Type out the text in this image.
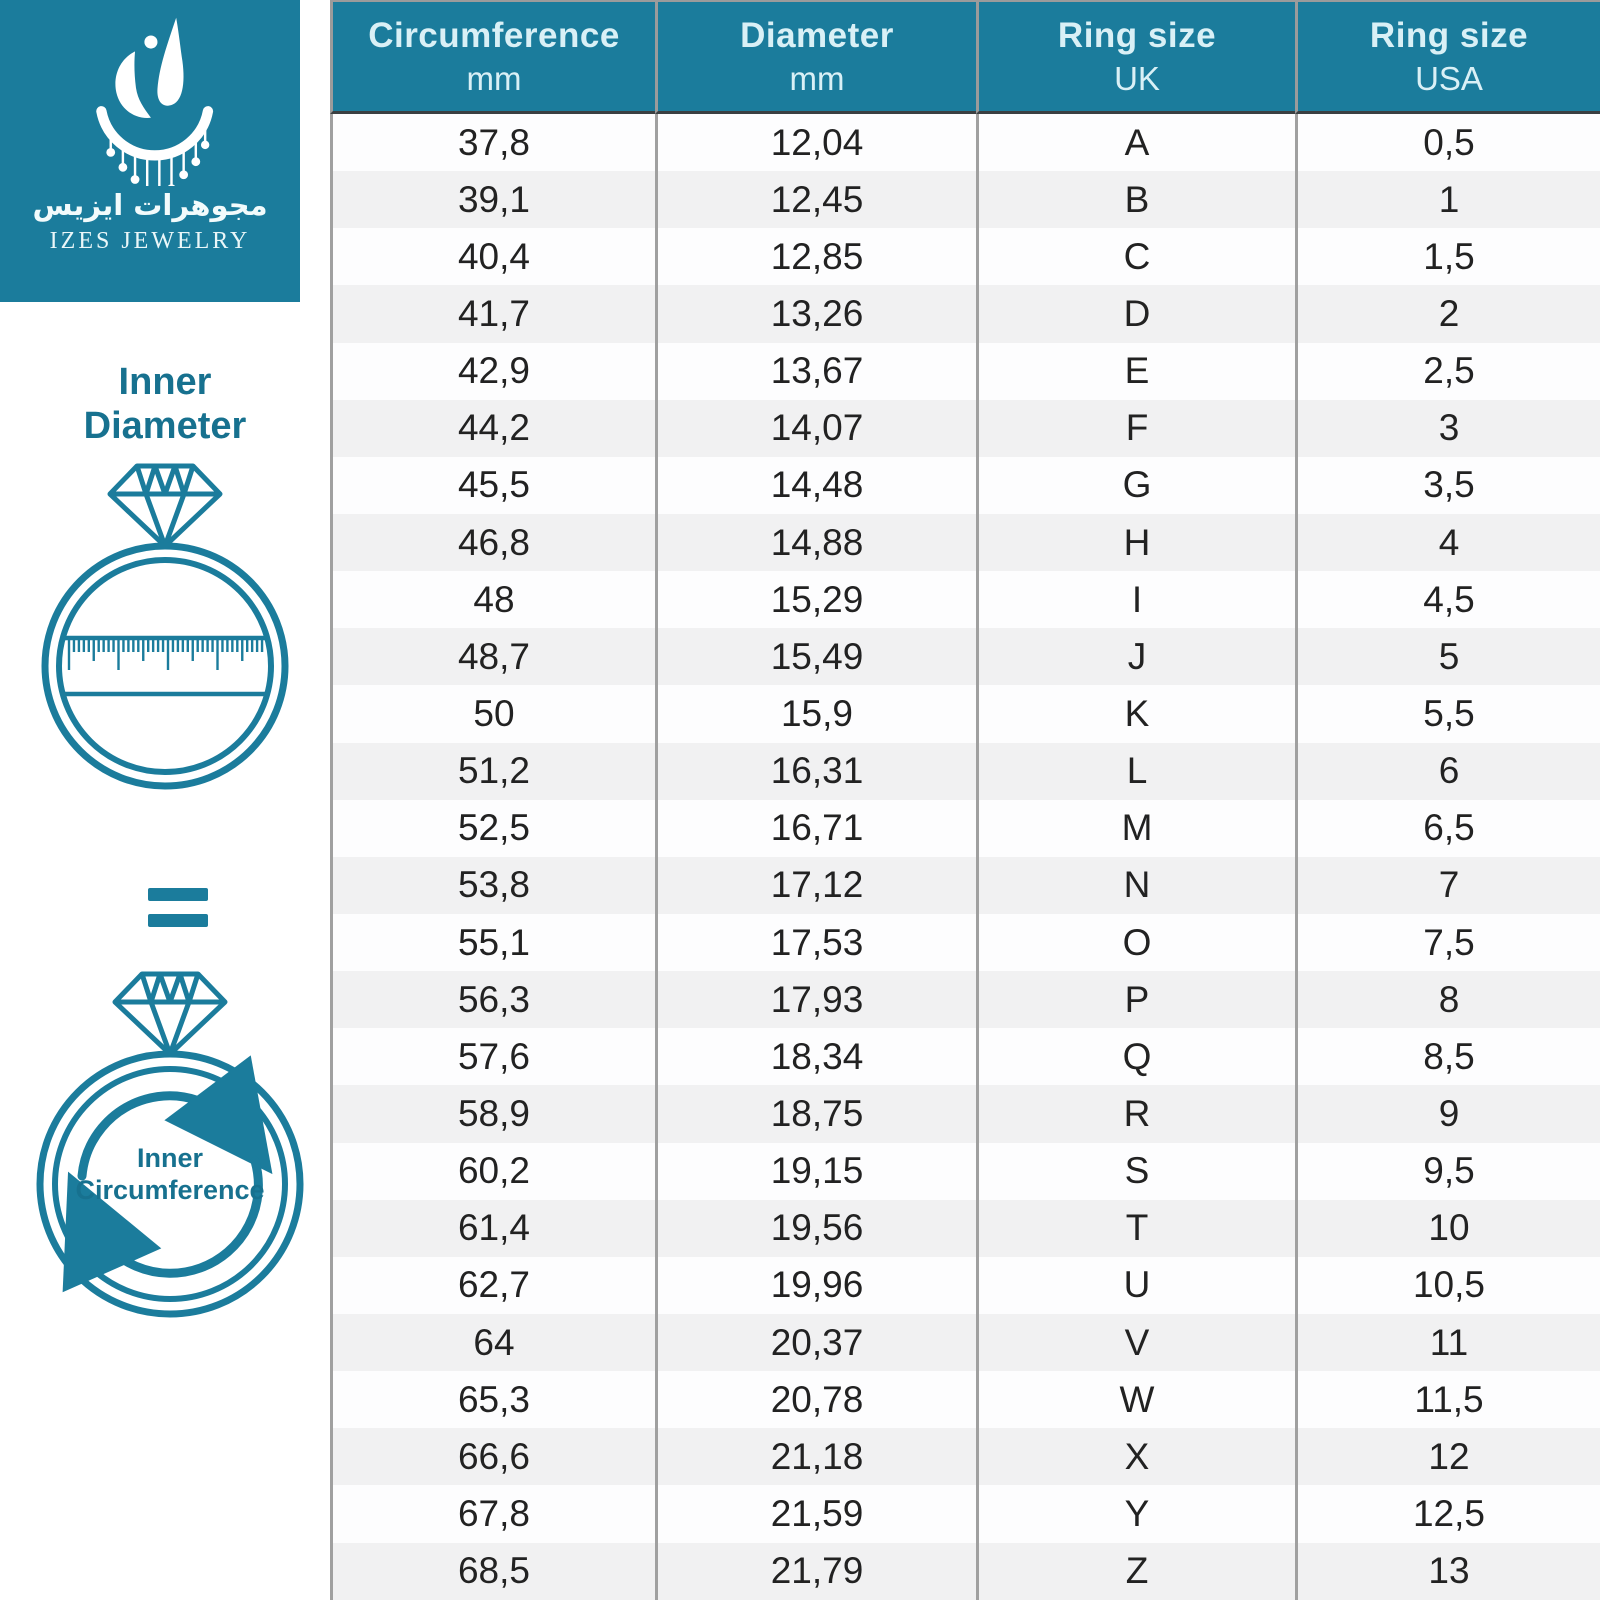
مجوهرات ايزيس
IZES JEWELRY
Inner
Diameter
Inner
Circumference
Circumference
mm
Diameter
mm
Ring size
UK
Ring size
USA
37,8	12,04	A	0,5
39,1	12,45	B	1
40,4	12,85	C	1,5
41,7	13,26	D	2
42,9	13,67	E	2,5
44,2	14,07	F	3
45,5	14,48	G	3,5
46,8	14,88	H	4
48	15,29	I	4,5
48,7	15,49	J	5
50	15,9	K	5,5
51,2	16,31	L	6
52,5	16,71	M	6,5
53,8	17,12	N	7
55,1	17,53	O	7,5
56,3	17,93	P	8
57,6	18,34	Q	8,5
58,9	18,75	R	9
60,2	19,15	S	9,5
61,4	19,56	T	10
62,7	19,96	U	10,5
64	20,37	V	11
65,3	20,78	W	11,5
66,6	21,18	X	12
67,8	21,59	Y	12,5
68,5	21,79	Z	13
